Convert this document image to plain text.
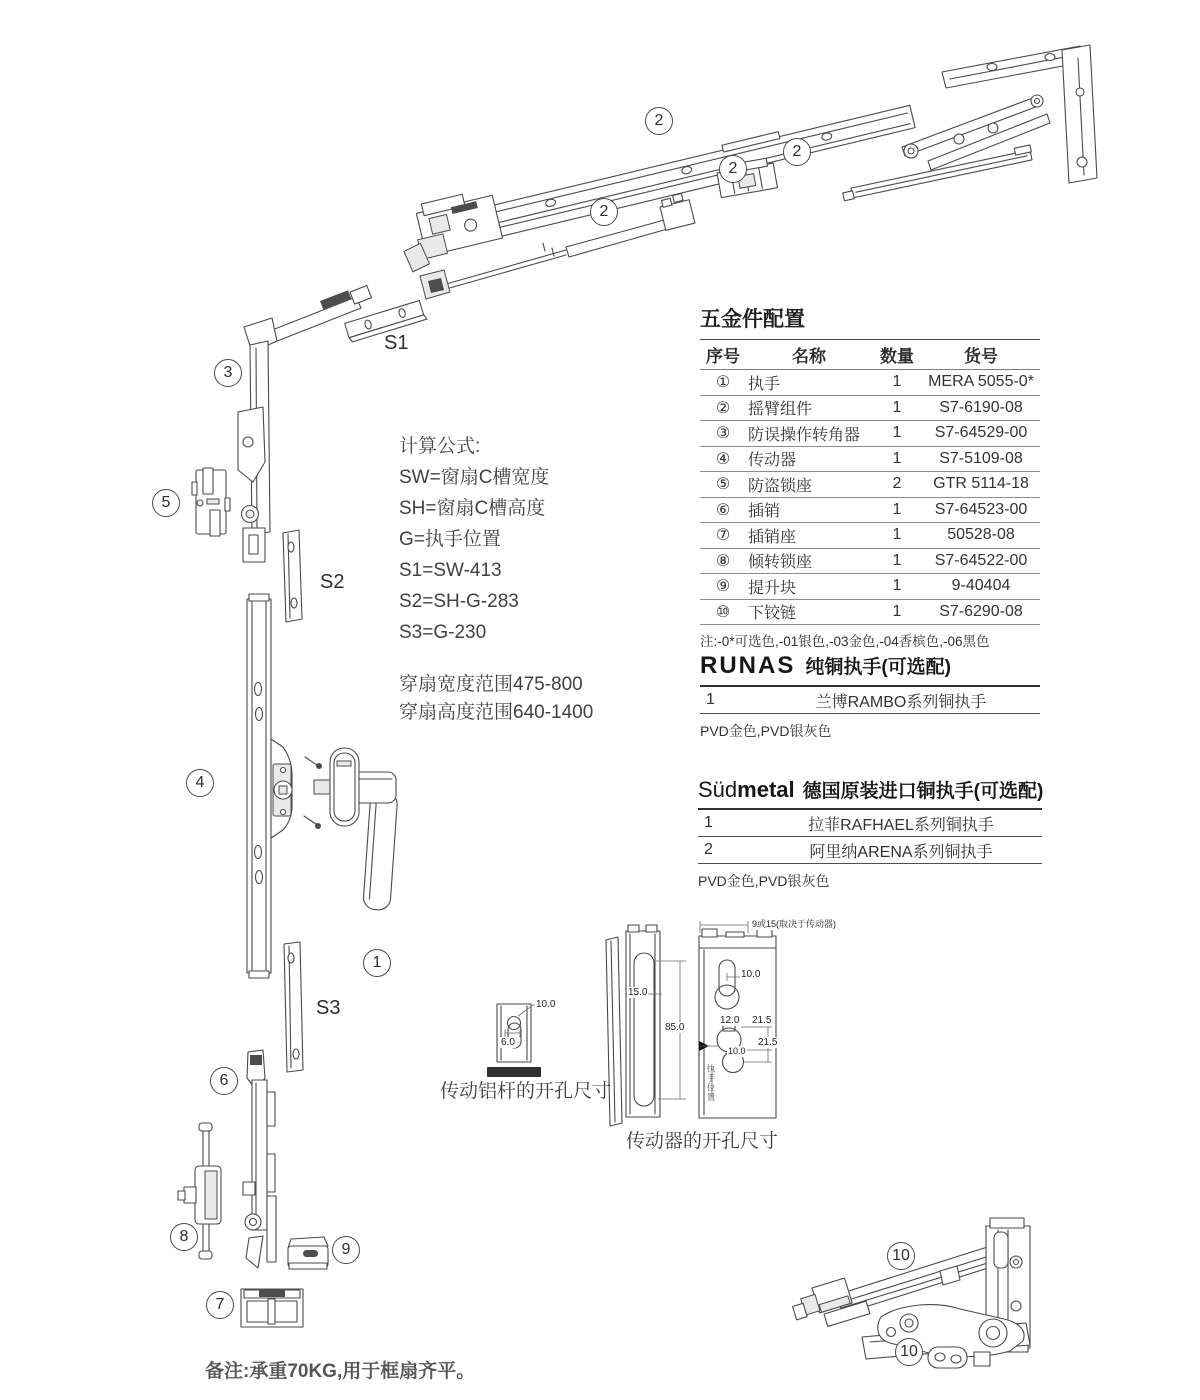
2
2
2
2
3
5
4
1
6
8
9
7
10
10
S1
S2
S3
计算公式:
SW=窗扇C槽宽度
SH=窗扇C槽高度
G=执手位置
S1=SW-413
S2=SH-G-283
S3=G-230
穿扇宽度范围475-800
穿扇高度范围640-1400
五金件配置
序号	名称	数量	货号
①	执手	1	MERA 5055-0*
②	摇臂组件	1	S7-6190-08
③	防误操作转角器	1	S7-64529-00
④	传动器	1	S7-5109-08
⑤	防盗锁座	2	GTR 5114-18
⑥	插销	1	S7-64523-00
⑦	插销座	1	50528-08
⑧	倾转锁座	1	S7-64522-00
⑨	提升块	1	9-40404
⑩	下铰链	1	S7-6290-08
注:-0*可选色,-01银色,-03金色,-04香槟色,-06黑色
RUNAS 纯铜执手(可选配)
1	兰博RAMBO系列铜执手
PVD金色,PVD银灰色
Südmetal 德国原装进口铜执手(可选配)
1	拉菲RAFHAEL系列铜执手
2	阿里纳ARENA系列铜执手
PVD金色,PVD银灰色
10.0
6.0
传动铝杆的开孔尺寸
15.0
85.0
传动器的开孔尺寸
9或15(取决于传动器)
10.0
12.0 21.5
21.5
10.0
执手位置
备注:承重70KG,用于框扇齐平。
